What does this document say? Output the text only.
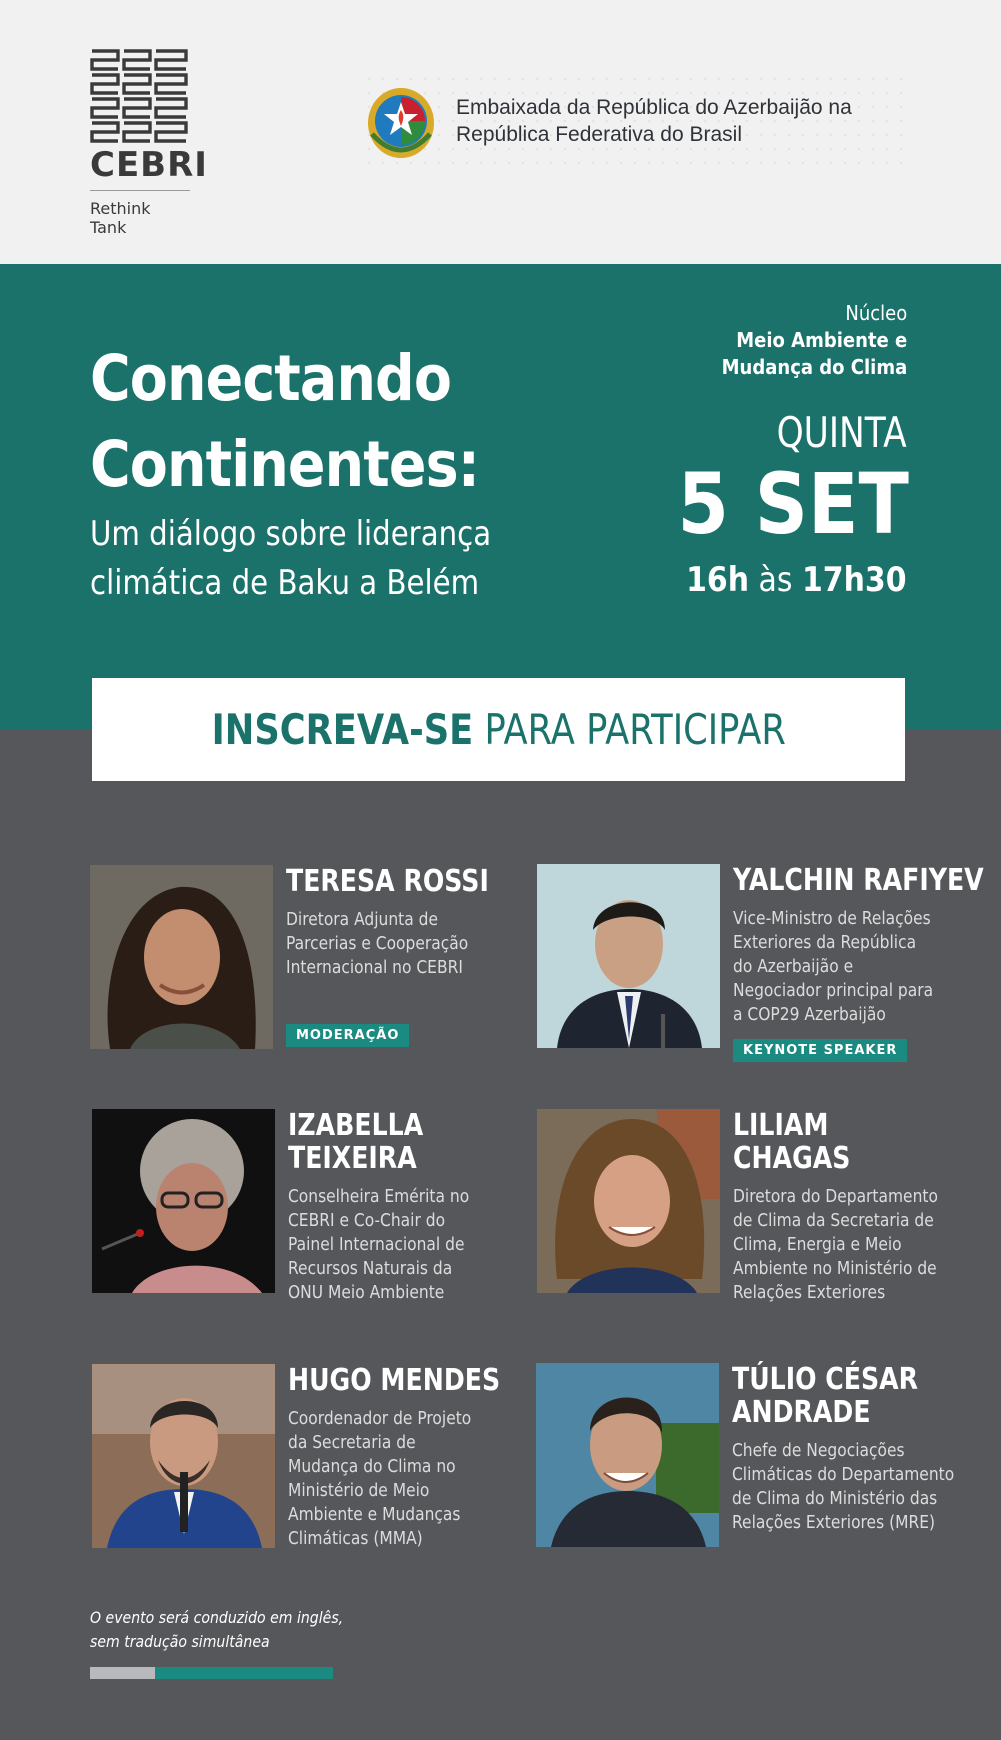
CEBRI
Rethink Tank
Embaixada da República do Azerbaijão na
República Federativa do Brasil
Conectando
Continentes:
Um diálogo sobre liderança
climática de Baku a Belém
Núcleo
Meio Ambiente e
Mudança do Clima
QUINTA
5 SET
16h às 17h30
INSCREVA-SE PARA PARTICIPAR
TERESA ROSSI
Diretora Adjunta de
Parcerias e Cooperação
Internacional no CEBRI
MODERAÇÃO
YALCHIN RAFIYEV
Vice-Ministro de Relações
Exteriores da República
do Azerbaijão e
Negociador principal para
a COP29 Azerbaijão
KEYNOTE SPEAKER
IZABELLA
TEIXEIRA
Conselheira Emérita no
CEBRI e Co-Chair do
Painel Internacional de
Recursos Naturais da
ONU Meio Ambiente
LILIAM
CHAGAS
Diretora do Departamento
de Clima da Secretaria de
Clima, Energia e Meio
Ambiente no Ministério de
Relações Exteriores
HUGO MENDES
Coordenador de Projeto
da Secretaria de
Mudança do Clima no
Ministério de Meio
Ambiente e Mudanças
Climáticas (MMA)
TÚLIO CÉSAR
ANDRADE
Chefe de Negociações
Climáticas do Departamento
de Clima do Ministério das
Relações Exteriores (MRE)
O evento será conduzido em inglês,
sem tradução simultânea
